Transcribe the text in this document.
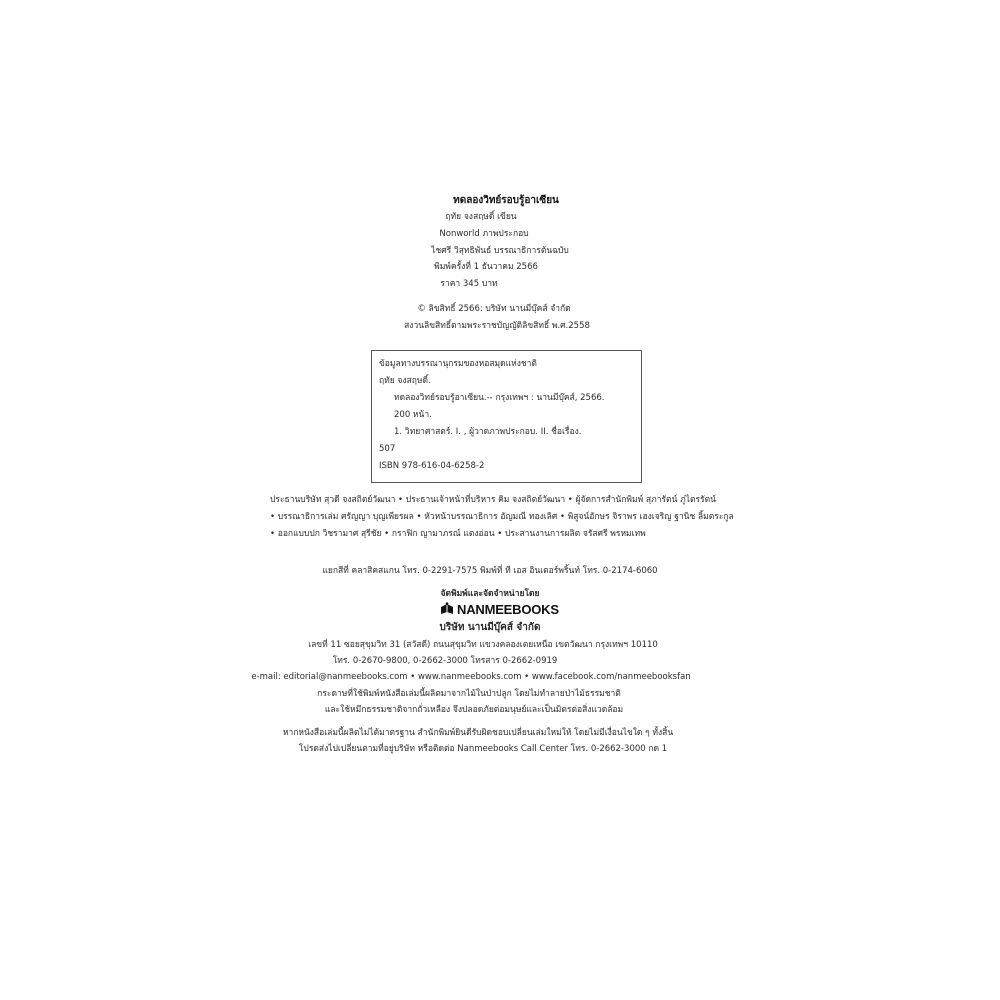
ทดลองวิทย์รอบรู้อาเซียน
ฤทัย จงสฤษดิ์ เขียน
Nonworld ภาพประกอบ
ไชศรี วิสุทธิพันธ์ บรรณาธิการต้นฉบับ
พิมพ์ครั้งที่ 1 ธันวาคม 2566
ราคา 345 บาท
© ลิขสิทธิ์ 2566: บริษัท นานมีบุ๊คส์ จำกัด
สงวนลิขสิทธิ์ตามพระราชบัญญัติลิขสิทธิ์ พ.ศ.2558
ข้อมูลทางบรรณานุกรมของหอสมุดแห่งชาติ
ฤทัย จงสฤษดิ์.
ทดลองวิทย์รอบรู้อาเซียน.-- กรุงเทพฯ : นานมีบุ๊คส์, 2566.
200 หน้า.
1. วิทยาศาสตร์. I. , ผู้วาดภาพประกอบ. II. ชื่อเรื่อง.
507
ISBN 978-616-04-6258-2
ประธานบริษัท สุวดี จงสถิตย์วัฒนา • ประธานเจ้าหน้าที่บริหาร คิม จงสถิตย์วัฒนา • ผู้จัดการสำนักพิมพ์ สุภารัตน์ ภู่ไตรรัตน์
• บรรณาธิการเล่ม ศรัญญา บุญเพียรผล • หัวหน้าบรรณาธิการ อัญมณี ทองเลิศ • พิสูจน์อักษร จิราพร เฮงเจริญ ฐานิช ลิ้มตระกูล
• ออกแบบปก วิชรามาศ สุรีชัย • กราฟิก ญามาภรณ์ แตงอ่อน • ประสานงานการผลิต จรัสศรี พรหมเทพ
แยกสีที่ คลาสิคสแกน โทร. 0-2291-7575 พิมพ์ที่ ที เอส อินเตอร์พริ้นท์ โทร. 0-2174-6060
จัดพิมพ์และจัดจำหน่ายโดย
NANMEEBOOKS
บริษัท นานมีบุ๊คส์ จำกัด
เลขที่ 11 ซอยสุขุมวิท 31 (สวัสดี) ถนนสุขุมวิท แขวงคลองเตยเหนือ เขตวัฒนา กรุงเทพฯ 10110
โทร. 0-2670-9800, 0-2662-3000 โทรสาร 0-2662-0919
e-mail: editorial@nanmeebooks.com • www.nanmeebooks.com • www.facebook.com/nanmeebooksfan
กระดาษที่ใช้พิมพ์หนังสือเล่มนี้ผลิตมาจากไม้ในป่าปลูก โดยไม่ทำลายป่าไม้ธรรมชาติ
และใช้หมึกธรรมชาติจากถั่วเหลือง จึงปลอดภัยต่อมนุษย์และเป็นมิตรต่อสิ่งแวดล้อม
หากหนังสือเล่มนี้ผลิตไม่ได้มาตรฐาน สำนักพิมพ์ยินดีรับผิดชอบเปลี่ยนเล่มใหม่ให้ โดยไม่มีเงื่อนไขใด ๆ ทั้งสิ้น
โปรดส่งไปเปลี่ยนตามที่อยู่บริษัท หรือติดต่อ Nanmeebooks Call Center โทร. 0-2662-3000 กด 1
